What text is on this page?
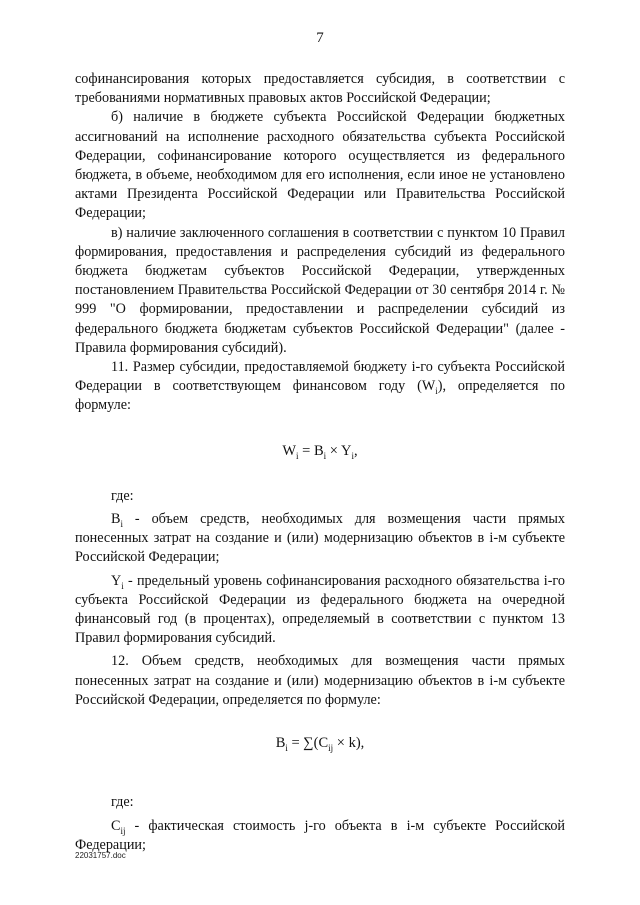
7

софинансирования которых предоставляется субсидия, в соответствии с требованиями нормативных правовых актов Российской Федерации;

б) наличие в бюджете субъекта Российской Федерации бюджетных ассигнований на исполнение расходного обязательства субъекта Российской Федерации, софинансирование которого осуществляется из федерального бюджета, в объеме, необходимом для его исполнения, если иное не установлено актами Президента Российской Федерации или Правительства Российской Федерации;

в) наличие заключенного соглашения в соответствии с пунктом 10 Правил формирования, предоставления и распределения субсидий из федерального бюджета бюджетам субъектов Российской Федерации, утвержденных постановлением Правительства Российской Федерации от 30 сентября 2014 г. № 999 "О формировании, предоставлении и распределении субсидий из федерального бюджета бюджетам субъектов Российской Федерации" (далее - Правила формирования субсидий).

11. Размер субсидии, предоставляемой бюджету i-го субъекта Российской Федерации в соответствующем финансовом году $(W_i)$, определяется по формуле:

$W_i = B_i \times Y_i$,

где:

$B_i$ - объем средств, необходимых для возмещения части прямых понесенных затрат на создание и (или) модернизацию объектов в i-м субъекте Российской Федерации;

$Y_i$ - предельный уровень софинансирования расходного обязательства i-го субъекта Российской Федерации из федерального бюджета на очередной финансовый год (в процентах), определяемый в соответствии с пунктом 13 Правил формирования субсидий.

12. Объем средств, необходимых для возмещения части прямых понесенных затрат на создание и (или) модернизацию объектов в i-м субъекте Российской Федерации, определяется по формуле:

$B_i = \sum(C_{ij} \times k)$,

где:

$C_{ij}$ - фактическая стоимость j-го объекта в i-м субъекте Российской Федерации;

22031757.doc
